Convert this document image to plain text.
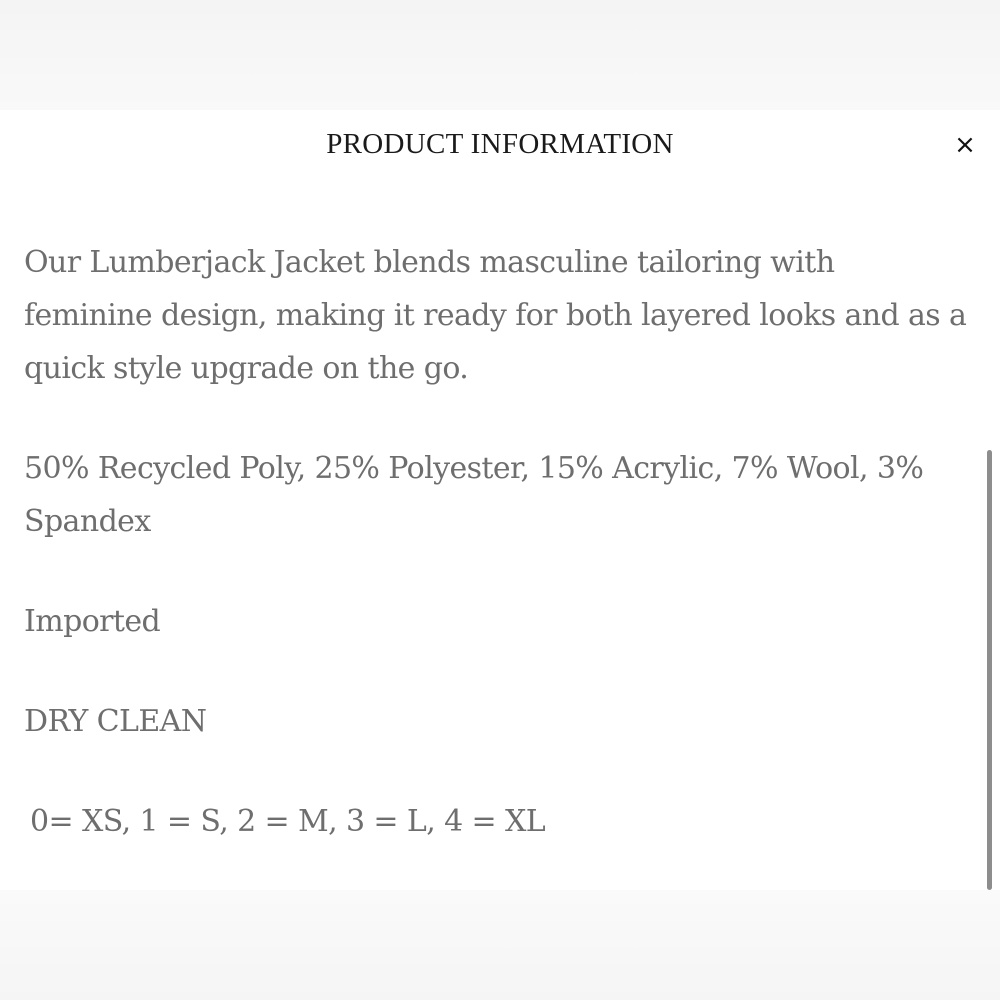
PRODUCT INFORMATION	×

Our Lumberjack Jacket blends masculine tailoring with feminine design, making it ready for both layered looks and as a quick style upgrade on the go.

50% Recycled Poly, 25% Polyester, 15% Acrylic, 7% Wool, 3% Spandex

Imported

DRY CLEAN

0= XS, 1 = S, 2 = M, 3 = L, 4 = XL
